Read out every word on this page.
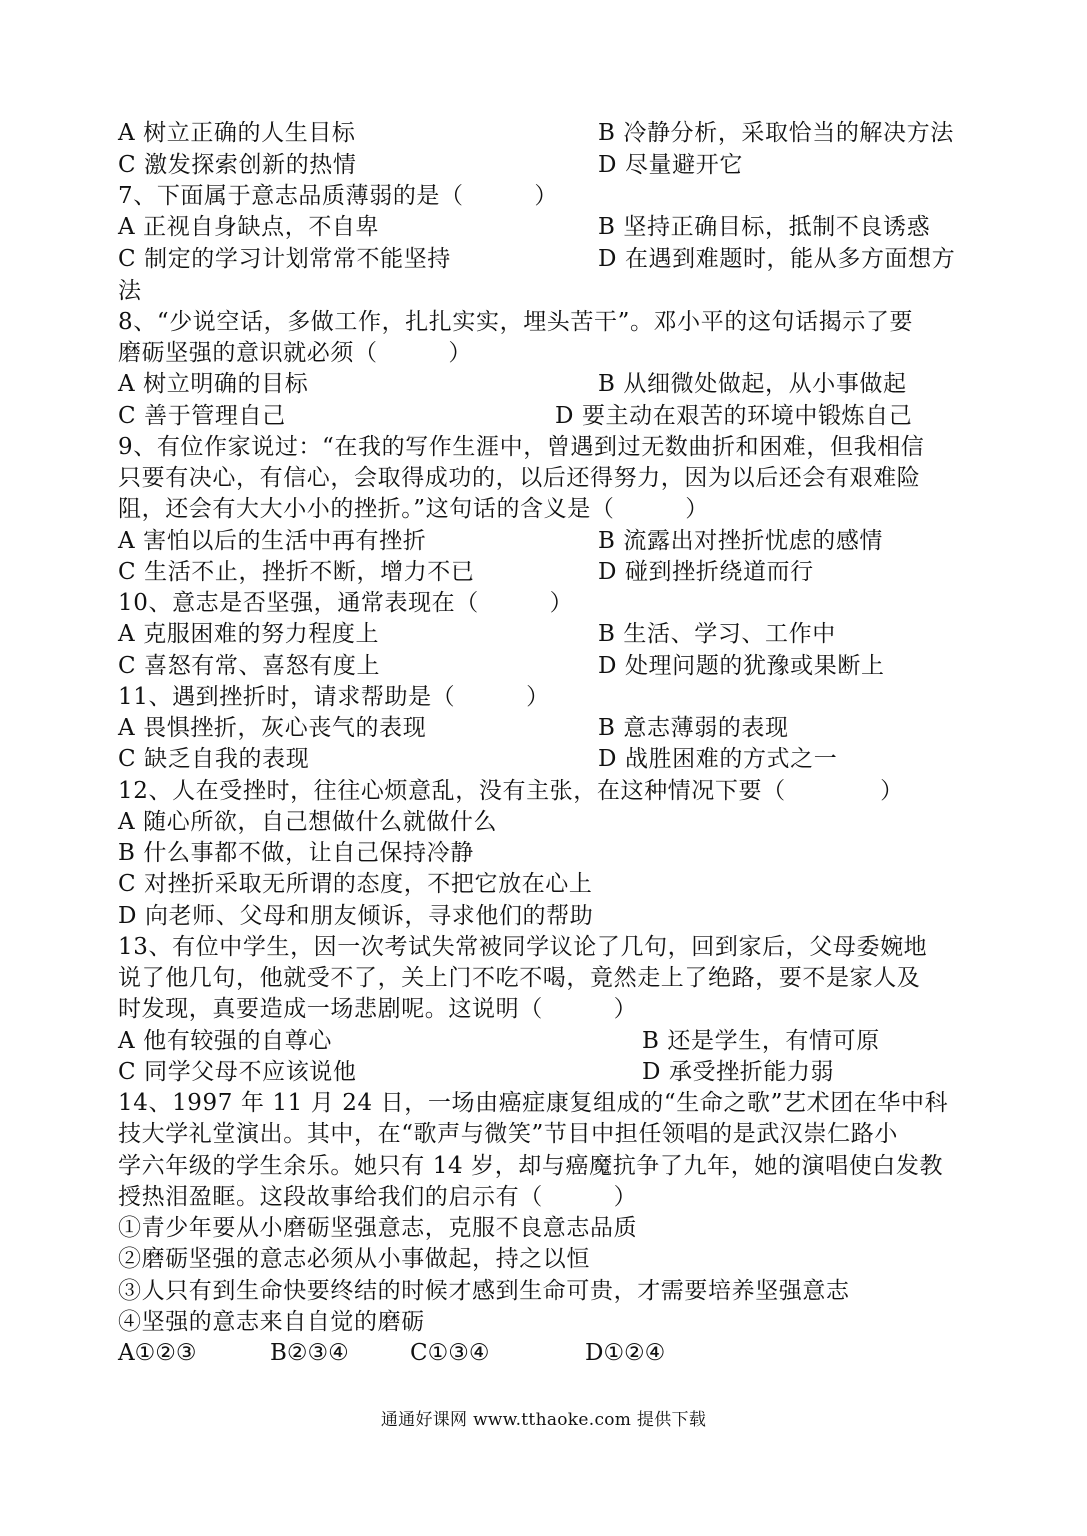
A 树立正确的人生目标	B 冷静分析，采取恰当的解决方法
C 激发探索创新的热情	D 尽量避开它
7、下面属于意志品质薄弱的是（　　　）
A 正视自身缺点，不自卑	B 坚持正确目标，抵制不良诱惑
C 制定的学习计划常常不能坚持	D 在遇到难题时，能从多方面想方
法
8、“少说空话，多做工作，扎扎实实，埋头苦干”。邓小平的这句话揭示了要
磨砺坚强的意识就必须（　　　）
A 树立明确的目标	B 从细微处做起，从小事做起
C 善于管理自己	D 要主动在艰苦的环境中锻炼自己
9、有位作家说过：“在我的写作生涯中，曾遇到过无数曲折和困难，但我相信
只要有决心，有信心，会取得成功的，以后还得努力，因为以后还会有艰难险
阻，还会有大大小小的挫折。”这句话的含义是（　　　）
A 害怕以后的生活中再有挫折	B 流露出对挫折忧虑的感情
C 生活不止，挫折不断，增力不已	D 碰到挫折绕道而行
10、意志是否坚强，通常表现在（　　　）
A 克服困难的努力程度上	B 生活、学习、工作中
C 喜怒有常、喜怒有度上	D 处理问题的犹豫或果断上
11、遇到挫折时，请求帮助是（　　　）
A 畏惧挫折，灰心丧气的表现	B 意志薄弱的表现
C 缺乏自我的表现	D 战胜困难的方式之一
12、人在受挫时，往往心烦意乱，没有主张，在这种情况下要（　　　　）
A 随心所欲，自己想做什么就做什么
B 什么事都不做，让自己保持冷静
C 对挫折采取无所谓的态度，不把它放在心上
D 向老师、父母和朋友倾诉，寻求他们的帮助
13、有位中学生，因一次考试失常被同学议论了几句，回到家后，父母委婉地
说了他几句，他就受不了，关上门不吃不喝，竟然走上了绝路，要不是家人及
时发现，真要造成一场悲剧呢。这说明（　　　）
A 他有较强的自尊心	B 还是学生，有情可原
C 同学父母不应该说他	D 承受挫折能力弱
14、1997 年 11 月 24 日，一场由癌症康复组成的“生命之歌”艺术团在华中科
技大学礼堂演出。其中，在“歌声与微笑”节目中担任领唱的是武汉崇仁路小
学六年级的学生余乐。她只有 14 岁，却与癌魔抗争了九年，她的演唱使白发教
授热泪盈眶。这段故事给我们的启示有（　　　）
①青少年要从小磨砺坚强意志，克服不良意志品质
②磨砺坚强的意志必须从小事做起，持之以恒
③人只有到生命快要终结的时候才感到生命可贵，才需要培养坚强意志
④坚强的意志来自自觉的磨砺
A①②③	B②③④	C①③④	D①②④
通通好课网 www.tthaoke.com 提供下载
